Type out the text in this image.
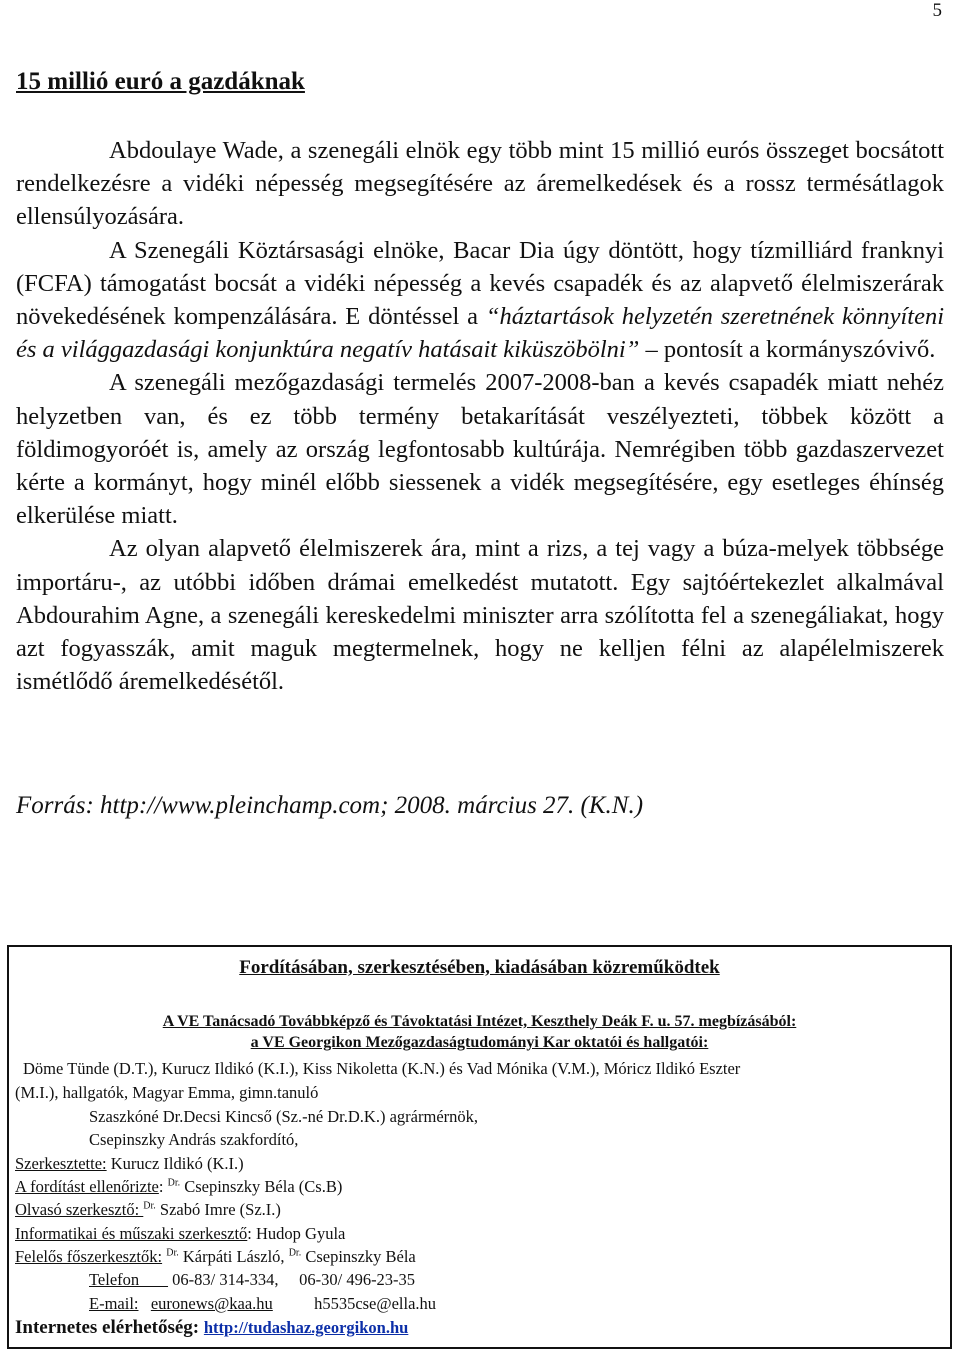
5
15 millió euró a gazdáknak

Abdoulaye Wade, a szenegáli elnök egy több mint 15 millió eurós összeget bocsátott rendelkezésre a vidéki népesség megsegítésére az áremelkedések és a rossz termésátlagok ellensúlyozására.

A Szenegáli Köztársasági elnöke, Bacar Dia úgy döntött, hogy tízmilliárd franknyi (FCFA) támogatást bocsát a vidéki népesség a kevés csapadék és az alapvető élelmiszerárak növekedésének kompenzálására. E döntéssel a “háztartások helyzetén szeretnének könnyíteni és a világgazdasági konjunktúra negatív hatásait kiküszöbölni” – pontosít a kormányszóvivő.

A szenegáli mezőgazdasági termelés 2007-2008-ban a kevés csapadék miatt nehéz helyzetben van, és ez több termény betakarítását veszélyezteti, többek között a földimogyoróét is, amely az ország legfontosabb kultúrája. Nemrégiben több gazdaszervezet kérte a kormányt, hogy minél előbb siessenek a vidék megsegítésére, egy esetleges éhínség elkerülése miatt.

Az olyan alapvető élelmiszerek ára, mint a rizs, a tej vagy a búza-melyek többsége importáru-, az utóbbi időben drámai emelkedést mutatott. Egy sajtóértekezlet alkalmával Abdourahim Agne, a szenegáli kereskedelmi miniszter arra szólította fel a szenegáliakat, hogy azt fogyasszák, amit maguk megtermelnek, hogy ne kelljen félni az alapélelmiszerek ismétlődő áremelkedésétől.

Forrás: http://www.pleinchamp.com; 2008. március 27. (K.N.)

Fordításában, szerkesztésében, kiadásában közreműködtek

A VE Tanácsadó Továbbképző és Távoktatási Intézet, Keszthely Deák F. u. 57. megbízásából:

a VE Georgikon Mezőgazdaságtudományi Kar oktatói és hallgatói:

Döme Tünde (D.T.), Kurucz Ildikó (K.I.), Kiss Nikoletta (K.N.) és Vad Mónika (V.M.), Móricz Ildikó Eszter

(M.I.), hallgatók, Magyar Emma, gimn.tanuló

Szaszkóné Dr.Decsi Kincső (Sz.-né Dr.D.K.) agrármérnök,

Csepinszky András szakfordító,

Szerkesztette: Kurucz Ildikó (K.I.)

A fordítást ellenőrizte: $^{Dr.}$ Csepinszky Béla (Cs.B)

Olvasó szerkesztő: $^{Dr.}$ Szabó Imre (Sz.I.)

Informatikai és műszaki szerkesztő: Hudop Gyula

Felelős főszerkesztők: $^{Dr.}$ Kárpáti László, $^{Dr.}$ Csepinszky Béla

Telefon        06-83/ 314-334, 06-30/ 496-23-35

E-mail: euronews@kaa.hu	h5535cse@ella.hu

Internetes elérhetőség: http://tudashaz.georgikon.hu
